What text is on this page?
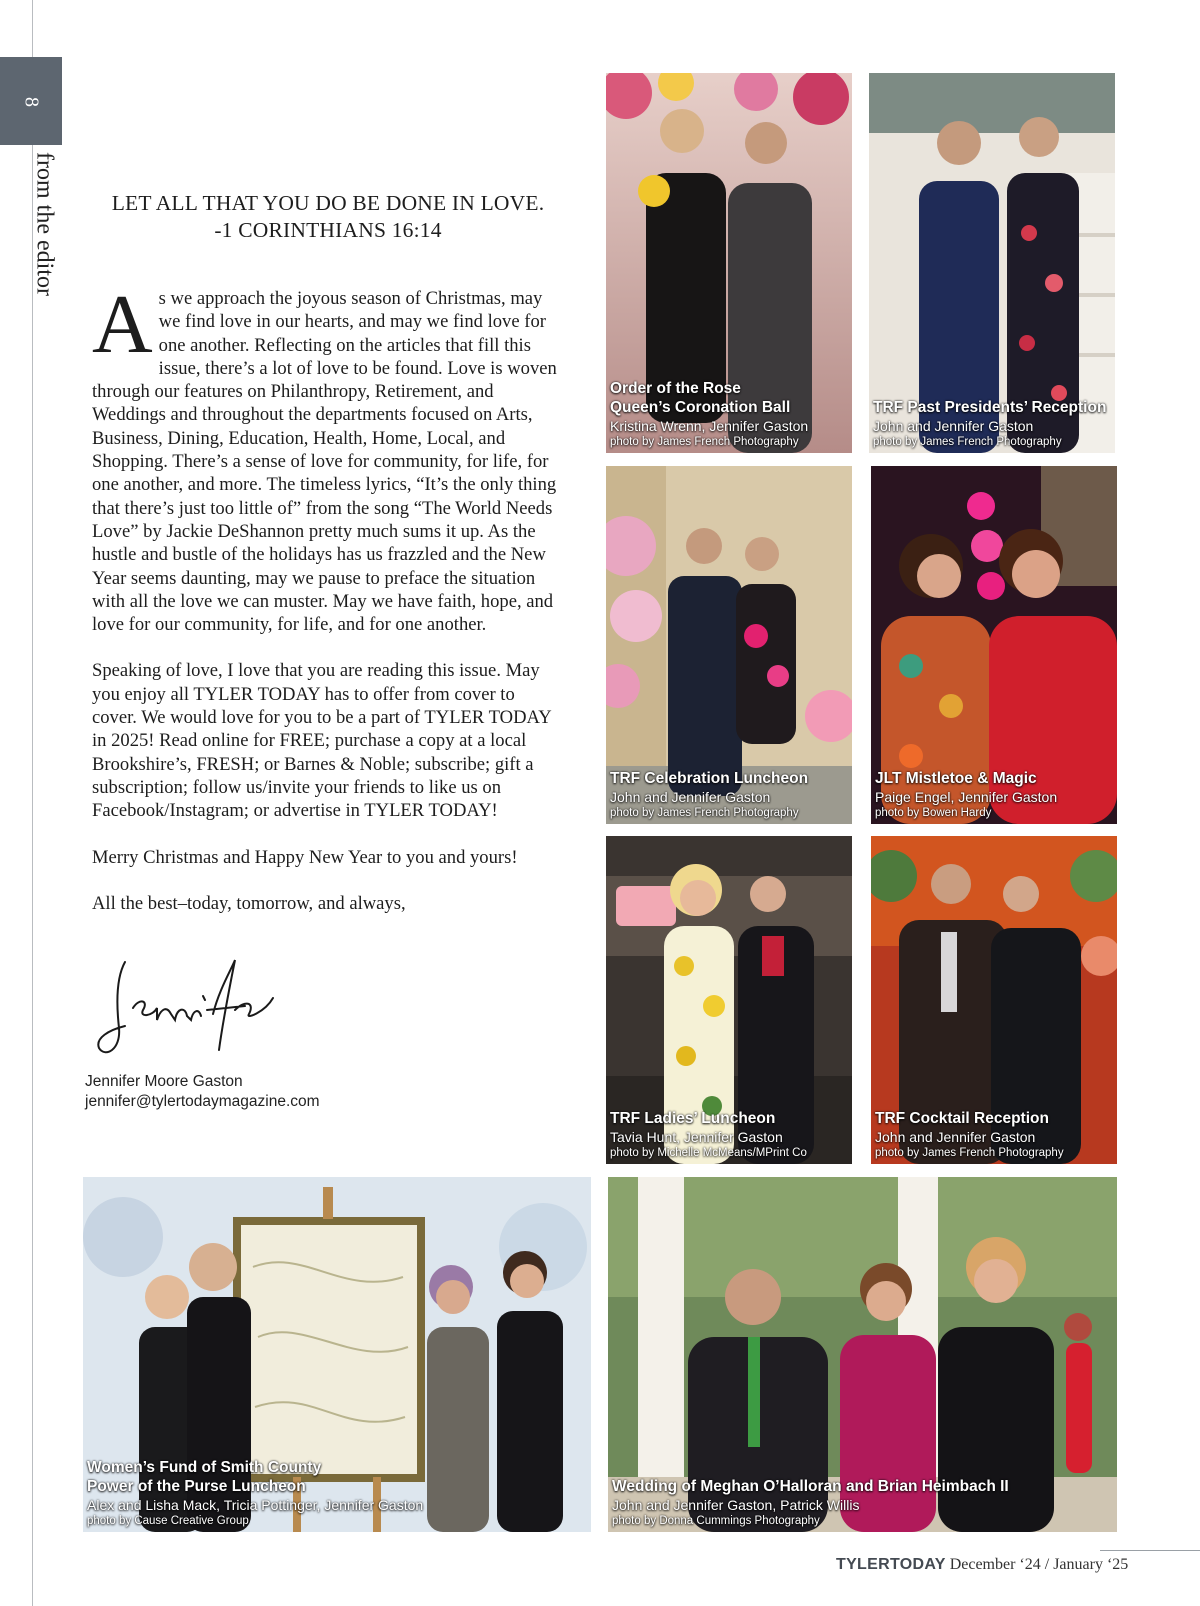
8
from the editor	LET ALL THAT YOU DO BE DONE IN LOVE.
-1 CORINTHIANS 16:14

As we approach the joyous season of Christmas, may we find love in our hearts, and may we find love for one another. Reflecting on the articles that fill this issue, there’s a lot of love to be found. Love is woven through our features on Philanthropy, Retirement, and Weddings and throughout the departments focused on Arts, Business, Dining, Education, Health, Home, Local, and Shopping. There’s a sense of love for community, for life, for one another, and more. The timeless lyrics, “It’s the only thing that there’s just too little of” from the song “The World Needs Love” by Jackie DeShannon pretty much sums it up. As the hustle and bustle of the holidays has us frazzled and the New Year seems daunting, may we pause to preface the situation with all the love we can muster. May we have faith, hope, and love for our community, for life, and for one another.

Speaking of love, I love that you are reading this issue. May you enjoy all TYLER TODAY has to offer from cover to cover. We would love for you to be a part of TYLER TODAY in 2025! Read online for FREE; purchase a copy at a local Brookshire’s, FRESH; or Barnes & Noble; subscribe; gift a subscription; follow us/invite your friends to like us on Facebook/Instagram; or advertise in TYLER TODAY!

Merry Christmas and Happy New Year to you and yours!

All the best–today, tomorrow, and always,

Jennifer Moore Gaston
jennifer@tylertodaymagazine.com
Order of the Rose
Queen’s Coronation Ball
Kristina Wrenn, Jennifer Gaston
photo by James French Photography
TRF Past Presidents’ Reception
John and Jennifer Gaston
photo by James French Photography
TRF Celebration Luncheon
John and Jennifer Gaston
photo by James French Photography
JLT Mistletoe & Magic
Paige Engel, Jennifer Gaston
photo by Bowen Hardy
TRF Ladies’ Luncheon
Tavia Hunt, Jennifer Gaston
photo by Michelle McMeans/MPrint Co
TRF Cocktail Reception
John and Jennifer Gaston
photo by James French Photography
Women’s Fund of Smith County
Power of the Purse Luncheon
Alex and Lisha Mack, Tricia Pottinger, Jennifer Gaston
photo by Cause Creative Group
Wedding of Meghan O’Halloran and Brian Heimbach II
John and Jennifer Gaston, Patrick Willis
photo by Donna Cummings Photography
TYLERTODAY December ‘24 / January ‘25
